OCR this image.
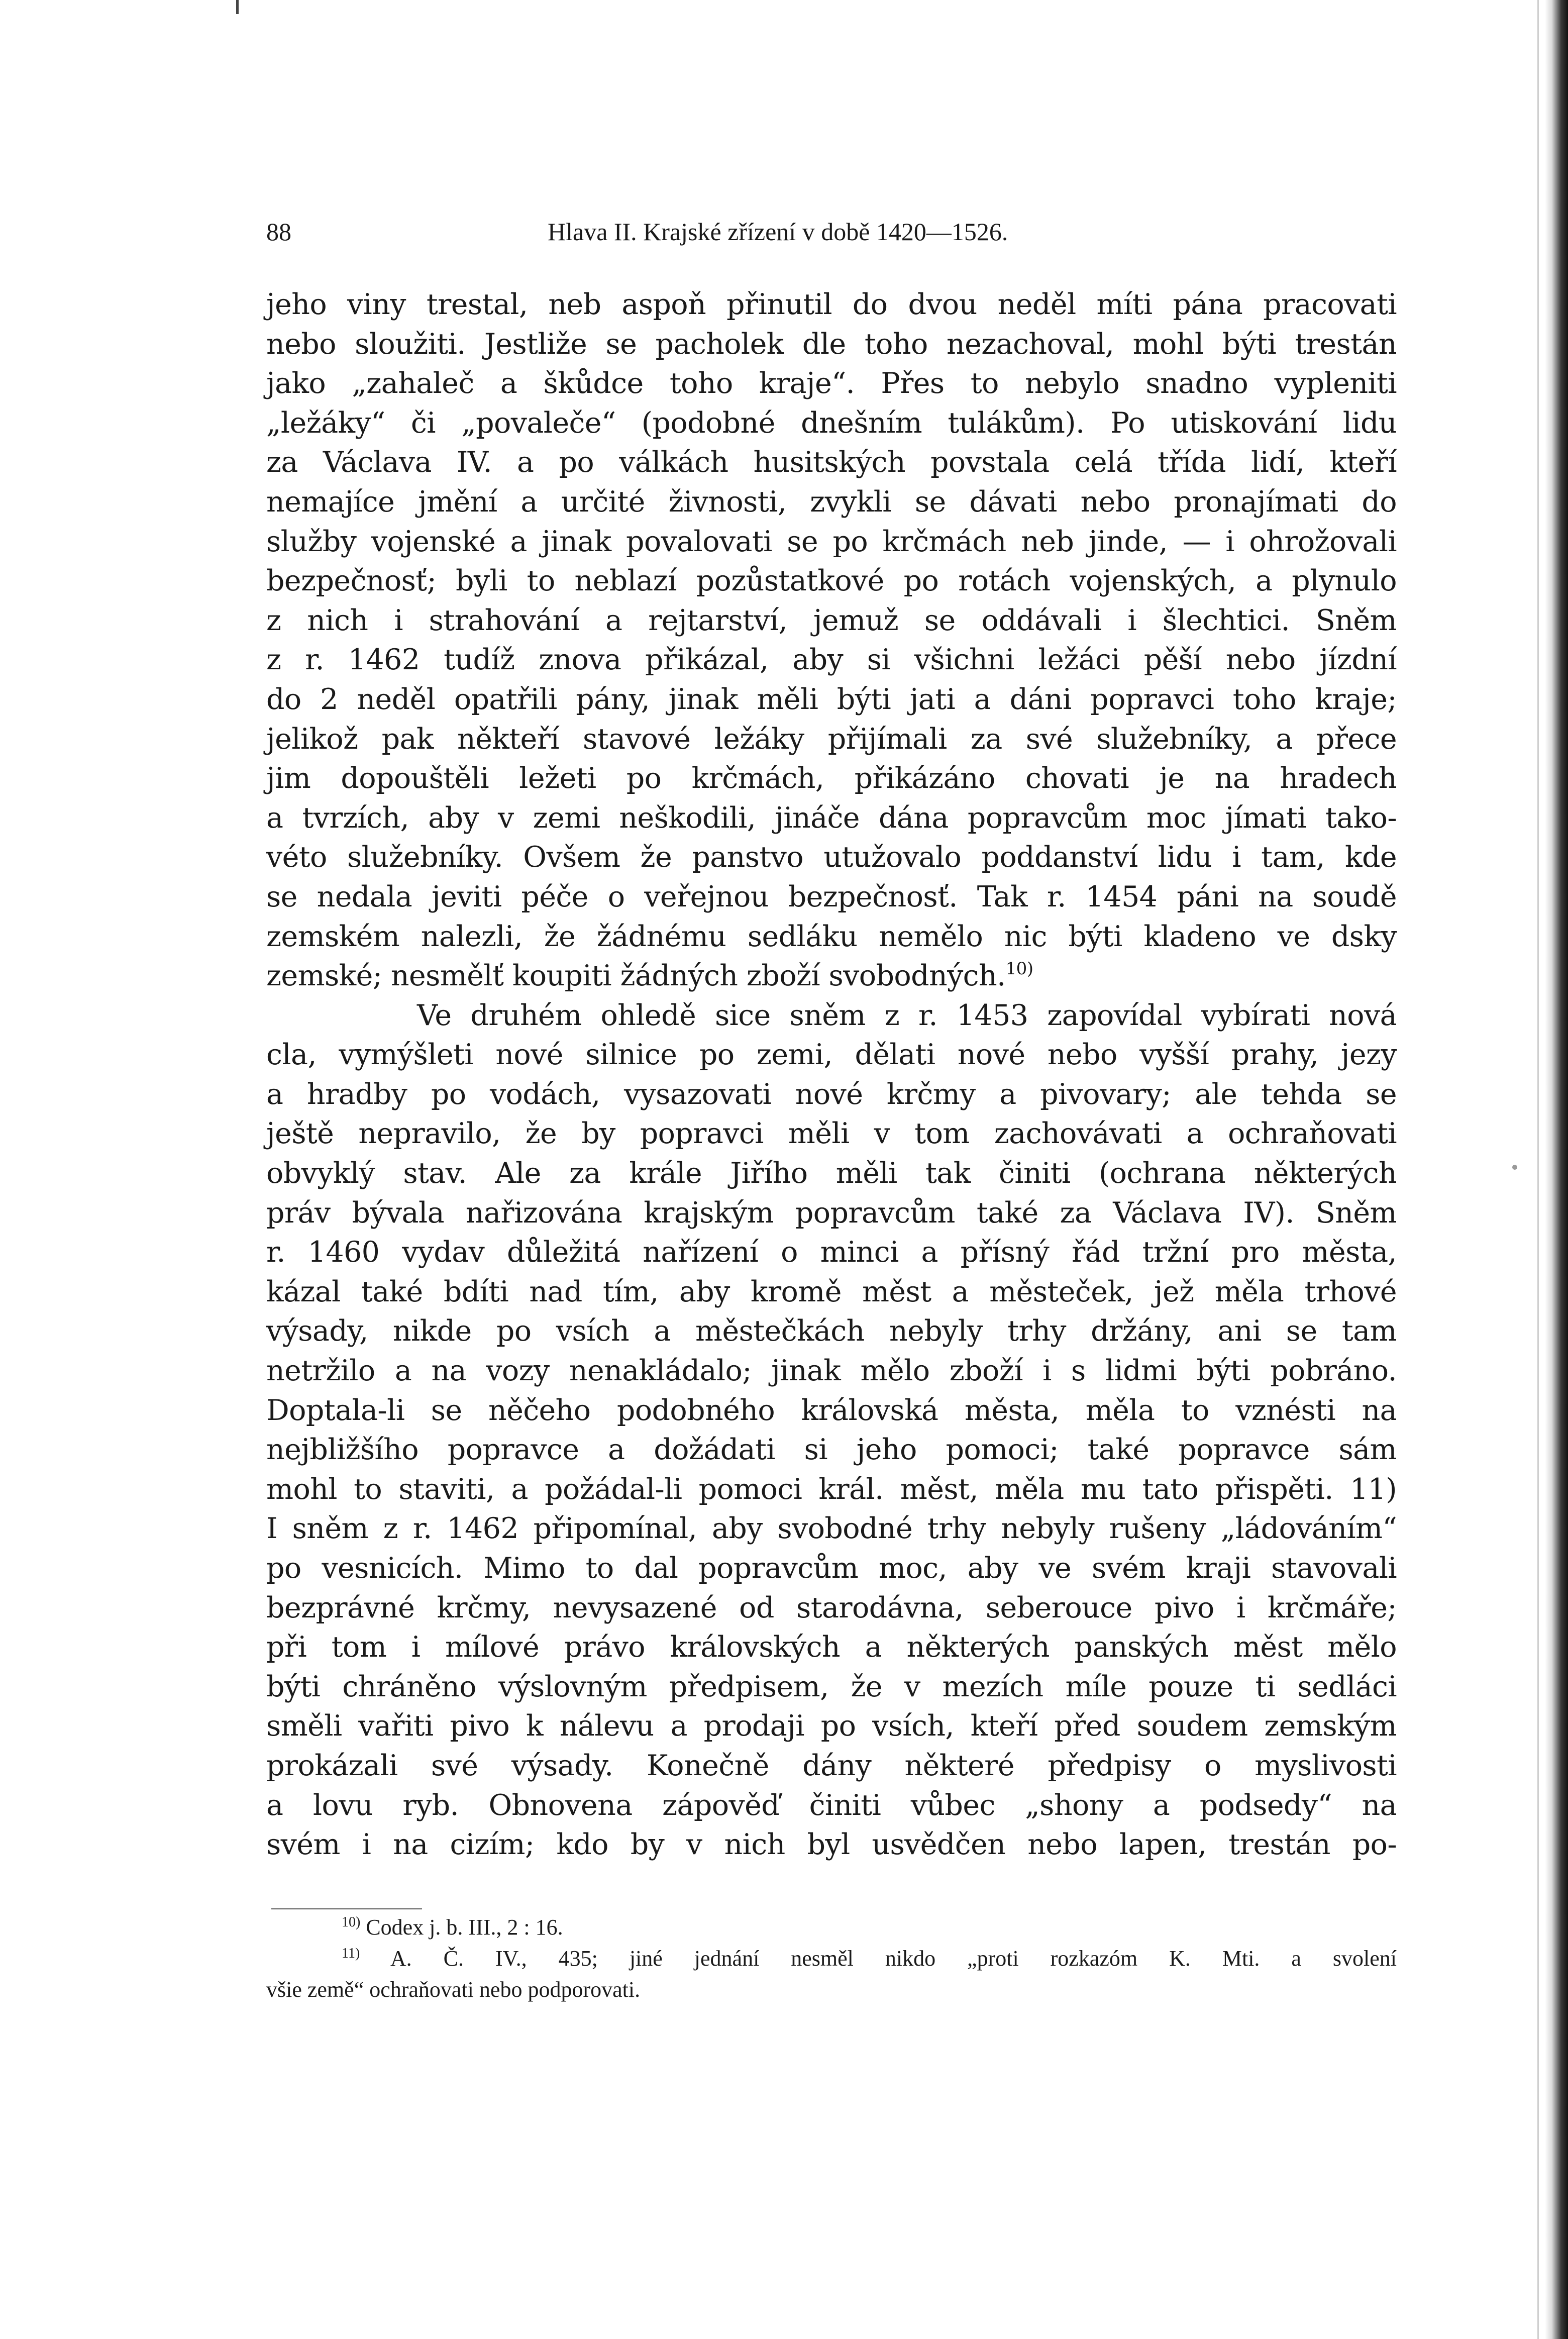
88	Hlava II. Krajské zřízení v době 1420—1526.
jeho viny trestal, neb aspoň přinutil do dvou neděl míti pána pracovati
nebo sloužiti. Jestliže se pacholek dle toho nezachoval, mohl býti trestán
jako „zahaleč a škůdce toho kraje“. Přes to nebylo snadno vypleniti
„ležáky“ či „povaleče“ (podobné dnešním tulákům). Po utiskování lidu
za Václava IV. a po válkách husitských povstala celá třída lidí, kteří
nemajíce jmění a určité živnosti, zvykli se dávati nebo pronajímati do
služby vojenské a jinak povalovati se po krčmách neb jinde, — i ohrožovali
bezpečnosť; byli to neblazí pozůstatkové po rotách vojenských, a plynulo
z nich i strahování a rejtarství, jemuž se oddávali i šlechtici. Sněm
z r. 1462 tudíž znova přikázal, aby si všichni ležáci pěší nebo jízdní
do 2 neděl opatřili pány, jinak měli býti jati a dáni popravci toho kraje;
jelikož pak někteří stavové ležáky přijímali za své služebníky, a přece
jim dopouštěli ležeti po krčmách, přikázáno chovati je na hradech
a tvrzích, aby v zemi neškodili, jináče dána popravcům moc jímati tako-
véto služebníky. Ovšem že panstvo utužovalo poddanství lidu i tam, kde
se nedala jeviti péče o veřejnou bezpečnosť. Tak r. 1454 páni na soudě
zemském nalezli, že žádnému sedláku nemělo nic býti kladeno ve dsky
zemské; nesmělť koupiti žádných zboží svobodných.$^{10)}$
Ve druhém ohledě sice sněm z r. 1453 zapovídal vybírati nová
cla, vymýšleti nové silnice po zemi, dělati nové nebo vyšší prahy, jezy
a hradby po vodách, vysazovati nové krčmy a pivovary; ale tehda se
ještě nepravilo, že by popravci měli v tom zachovávati a ochraňovati
obvyklý stav. Ale za krále Jiřího měli tak činiti (ochrana některých
práv bývala nařizována krajským popravcům také za Václava IV). Sněm
r. 1460 vydav důležitá nařízení o minci a přísný řád tržní pro města,
kázal také bdíti nad tím, aby kromě měst a městeček, jež měla trhové
výsady, nikde po vsích a městečkách nebyly trhy držány, ani se tam
netržilo a na vozy nenakládalo; jinak mělo zboží i s lidmi býti pobráno.
Doptala-li se něčeho podobného královská města, měla to vznésti na
nejbližšího popravce a dožádati si jeho pomoci; také popravce sám
mohl to staviti, a požádal-li pomoci král. měst, měla mu tato přispěti. 11)
I sněm z r. 1462 připomínal, aby svobodné trhy nebyly rušeny „ládováním“
po vesnicích. Mimo to dal popravcům moc, aby ve svém kraji stavovali
bezprávné krčmy, nevysazené od starodávna, seberouce pivo i krčmáře;
při tom i mílové právo královských a některých panských měst mělo
býti chráněno výslovným předpisem, že v mezích míle pouze ti sedláci
směli vařiti pivo k nálevu a prodaji po vsích, kteří před soudem zemským
prokázali své výsady. Konečně dány některé předpisy o myslivosti
a lovu ryb. Obnovena zápověď činiti vůbec „shony a podsedy“ na
svém i na cizím; kdo by v nich byl usvědčen nebo lapen, trestán po-
$^{10)}$ Codex j. b. III., 2 : 16.
$^{11)}$ A. Č. IV., 435; jiné jednání nesměl nikdo „proti rozkazóm K. Mti. a svolení
všie země“ ochraňovati nebo podporovati.
